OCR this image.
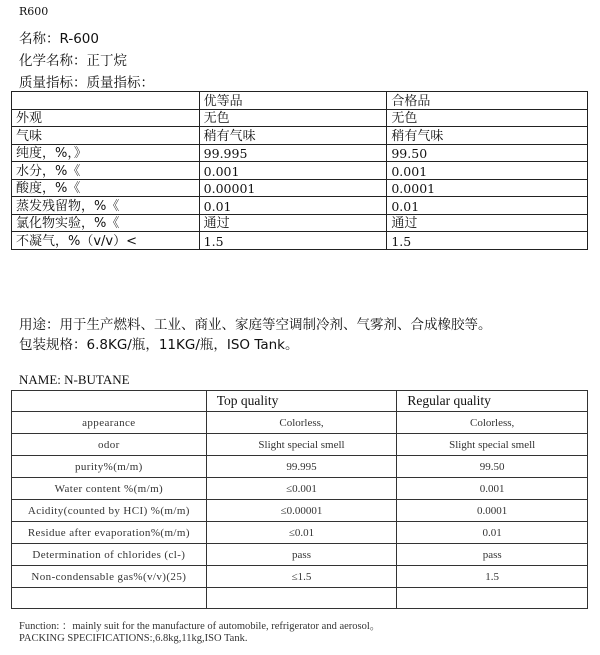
R600
名称：R-600
化学名称：正丁烷
质量指标：质量指标：
	优等品	合格品
外观	无色	无色
气味	稍有气味	稍有气味
纯度，%，》	99.995	99.50
水分，%《	0.001	0.001
酸度，%《	0.00001	0.0001
蒸发残留物，%《	0.01	0.01
氯化物实验，%《	通过	通过
不凝气，%（v/v）<	1.5	1.5
用途：用于生产燃料、工业、商业、家庭等空调制冷剂、气雾剂、合成橡胶等。
包装规格：6.8KG/瓶，11KG/瓶，ISO Tank。
NAME: N-BUTANE
	Top quality	Regular quality
appearance	Colorless,	Colorless,
odor	Slight special smell	Slight special smell
purity%(m/m)	99.995	99.50
Water content %(m/m)	≤0.001	0.001
Acidity(counted by HCI) %(m/m)	≤0.00001	0.0001
Residue after evaporation%(m/m)	≤0.01	0.01
Determination of chlorides (cl-)	pass	pass
Non-condensable gas%(v/v)(25)	≤1.5	1.5

Function: ：mainly suit for the manufacture of automobile, refrigerator and aerosol。
PACKING SPECIFICATIONS:,6.8kg,11kg,ISO Tank.
